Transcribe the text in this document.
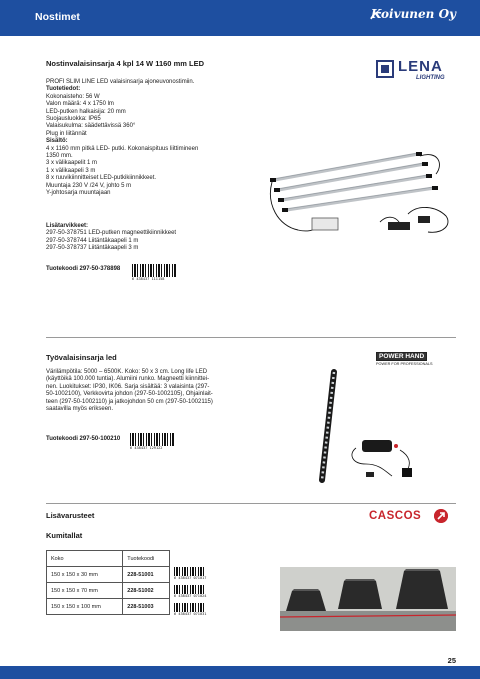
Nostimet	Koivunen Oy
Nostinvalaisinsarja 4 kpl 14 W 1160 mm LED	LENA
LIGHTING
PROFI SLIM LINE LED valaisinsarja ajoneuvonostimiin.
Tuotetiedot:
Kokonaisteho: 56 W
Valon määrä: 4 x 1750 lm
LED-putken halkaisija: 20 mm
Suojausluokka: IP65
Valaisukulma: säädettävissä 360°
Plug in liitännät
Sisältö:
4 x 1160 mm pitkä LED- putki. Kokonaispituus liittimineen
1350 mm.
3 x välikaapelit 1 m
1 x välikaapeli 3 m
8 x ruuvikiinnitteiset LED-putkikiinnikkeet.
Muuntaja 230 V /24 V, johto 5 m
Y-johtosarja muuntajaan
Lisätarvikkeet:
297-50-378751 LED-putken magneettikiinnikkeet
297-50-378744 Liitäntäkaapeli 1 m
297-50-378737 Liitäntäkaapeli 3 m
Tuotekoodi 297-50-378898
6 438437 111158
Työvalaisinsarja led	POWER HAND
POWER FOR PROFESSIONALS
Värilämpötila: 5000 – 6500K. Koko: 50 x 3 cm. Long life LED
(käyttöikä 100.000 tuntia). Alumiini runko. Magneetti kiinnittei-
nen. Luokitukset: IP30, IK06. Sarja sisältää: 3 valaisinta (297-
50-1002100), Verkkovirta johdon (297-50-1002105), Ohjainlait-
teen (297-50-1002110) ja jatkojohdon 50 cm (297-50-1002115)
saatavilla myös erikseen.
Tuotekoodi 297-50-100210
6 438437 129122
Lisävarusteet	CASCOS
Kumitallat
Koko	Tuotekoodi
150 x 150 x 30 mm	228-51001
150 x 150 x 70 mm	228-51002
150 x 150 x 100 mm	228-51003
6 438437 071017
6 438437 071024
6 438437 071031
25
